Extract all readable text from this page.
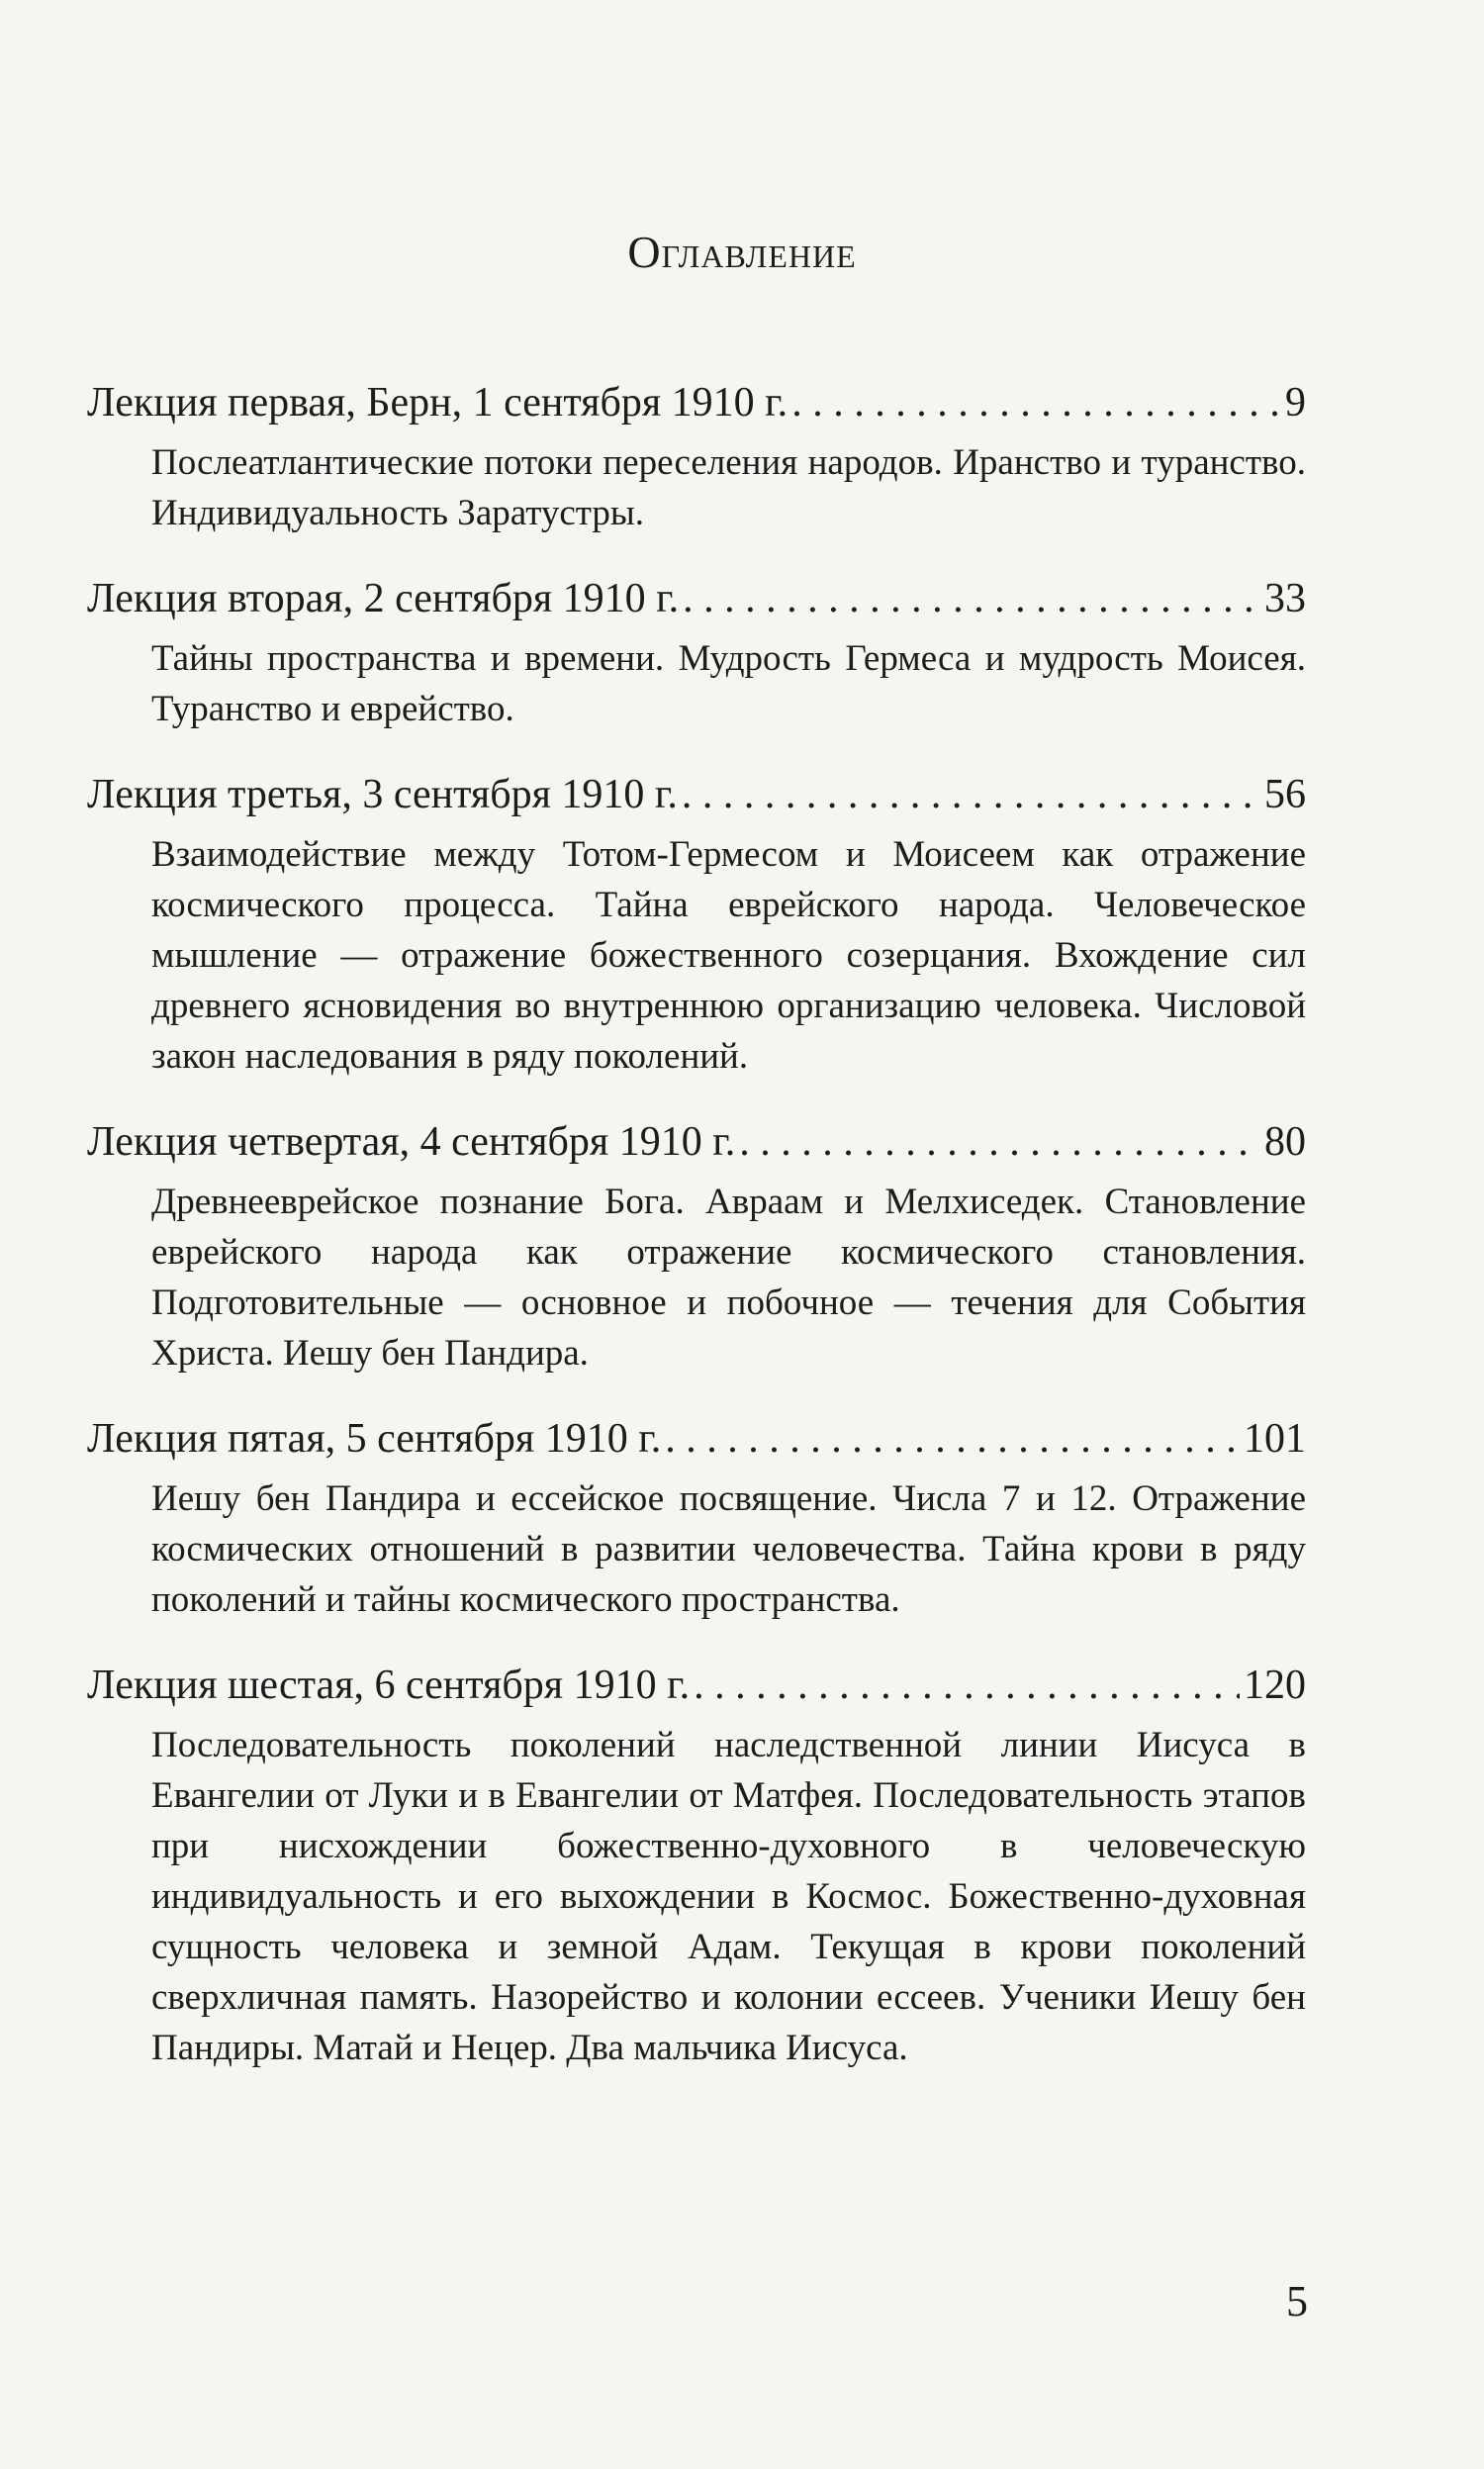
Оглавление
Лекция первая, Берн, 1 сентября 1910 г. . . .	9
Послеатлантические потоки переселения народов. Иранство и туранство. Индивидуальность Заратустры.
Лекция вторая, 2 сентября 1910 г. . . .	33
Тайны пространства и времени. Мудрость Гермеса и мудрость Моисея. Туранство и еврейство.
Лекция третья, 3 сентября 1910 г. . . .	56
Взаимодействие между Тотом-Гермесом и Моисеем как отражение космического процесса. Тайна еврейского народа. Человеческое мышление — отражение божественного созерцания. Вхождение сил древнего ясновидения во внутреннюю организацию человека. Числовой закон наследования в ряду поколений.
Лекция четвертая, 4 сентября 1910 г. . . .	80
Древнееврейское познание Бога. Авраам и Мелхиседек. Становление еврейского народа как отражение космического становления. Подготовительные — основное и побочное — течения для События Христа. Иешу бен Пандира.
Лекция пятая, 5 сентября 1910 г. . . .	101
Иешу бен Пандира и ессейское посвящение. Числа 7 и 12. Отражение космических отношений в развитии человечества. Тайна крови в ряду поколений и тайны космического пространства.
Лекция шестая, 6 сентября 1910 г. . . .	120
Последовательность поколений наследственной линии Иисуса в Евангелии от Луки и в Евангелии от Матфея. Последовательность этапов при нисхождении божественно-духовного в человеческую индивидуальность и его выхождении в Космос. Божественно-духовная сущность человека и земной Адам. Текущая в крови поколений сверхличная память. Назорейство и колонии ессеев. Ученики Иешу бен Пандиры. Матай и Нецер. Два мальчика Иисуса.
5
